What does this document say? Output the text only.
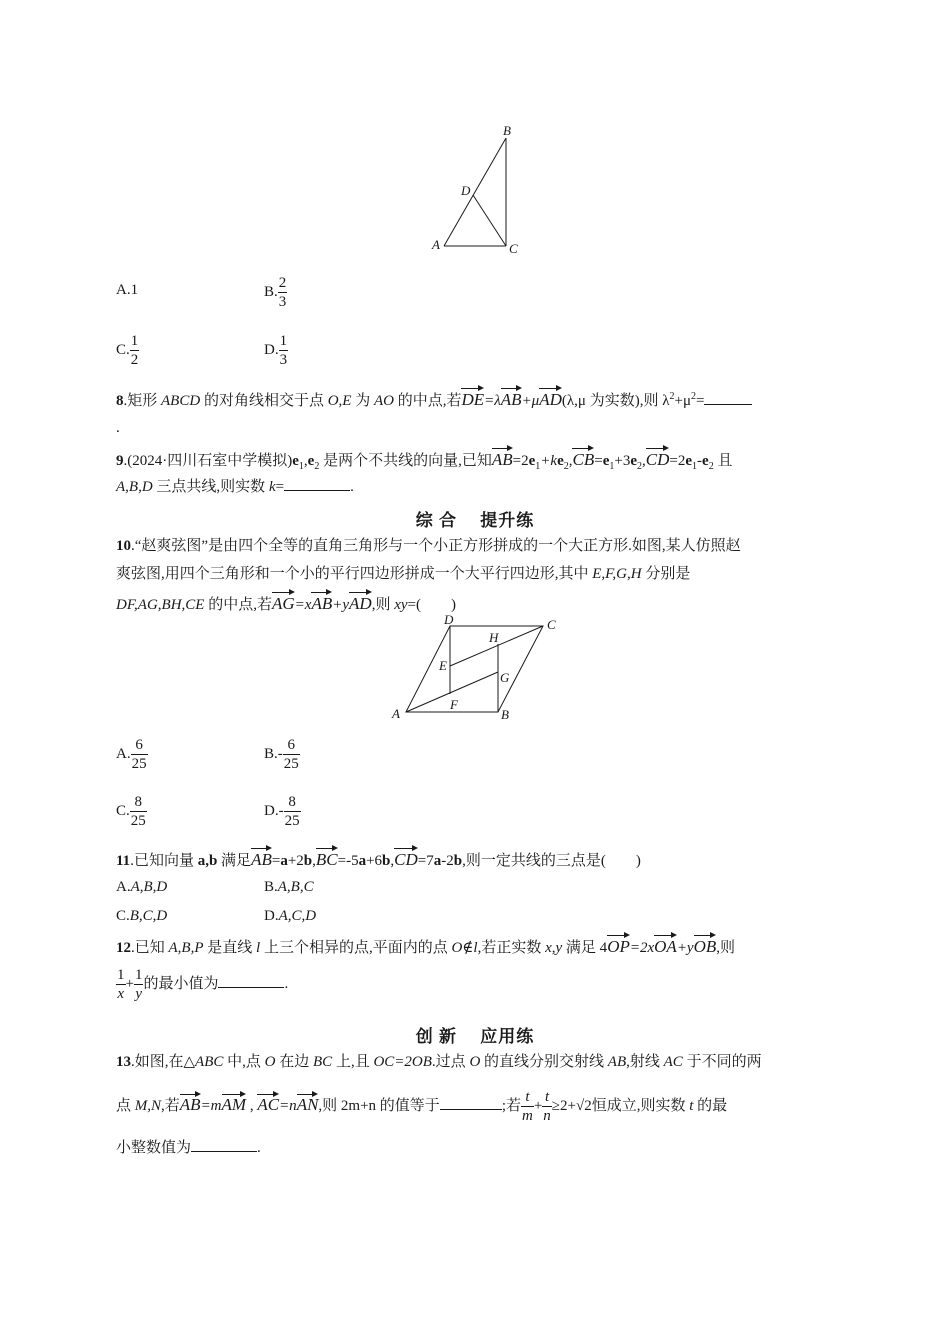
A
B
C
D
A.1	B. $\frac{2}{3}$
C. $\frac{1}{2}$	D. $\frac{1}{3}$
8.矩形 ABCD 的对角线相交于点 O,E 为 AO 的中点,若DE=λAB+μAD(λ,μ 为实数),则 $\lambda^2+\mu^2=$
.
9.(2024·四川石室中学模拟)$e_1,e_2$ 是两个不共线的向量,已知$AB=2e_1+ke_2,CB=e_1+3e_2,CD=2e_1-e_2$ 且
A,B,D 三点共线,则实数 k=	.
综 合　 提升练
10.“赵爽弦图”是由四个全等的直角三角形与一个小正方形拼成的一个大正方形.如图,某人仿照赵
爽弦图,用四个三角形和一个小的平行四边形拼成一个大平行四边形,其中 E,F,G,H 分别是
DF,AG,BH,CE 的中点,若AG=xAB+yAD,则 xy=(　　)
A	B
C
D
E
F
G
H
A. $\frac{6}{25}$	$B.- \frac{6}{25}$
C. $\frac{8}{25}$	$D.- \frac{8}{25}$
11.已知向量 a,b 满足AB=a+2b,BC=-5a+6b,CD=7a-2b,则一定共线的三点是(　　)
A.A,B,D	B.A,B,C
C.B,C,D	D.A,C,D
12.已知 A,B,P 是直线 l 上三个相异的点,平面内的点 O∉l,若正实数 x,y 满足 4OP=2xOA+yOB,则
$\frac{1}{x} + \frac{1}{y}$ 的最小值为	.
创 新　 应用练
13.如图,在△ABC 中,点 O 在边 BC 上,且 OC=2OB.过点 O 的直线分别交射线 AB,射线 AC 于不同的两
点 M,N,若AB=mAM , AC=nAN,则 2m+n 的值等于	;若 $\frac{t}{m} + \frac{t}{n} \ge 2+√2$恒成立,则实数 t 的最
小整数值为	.
